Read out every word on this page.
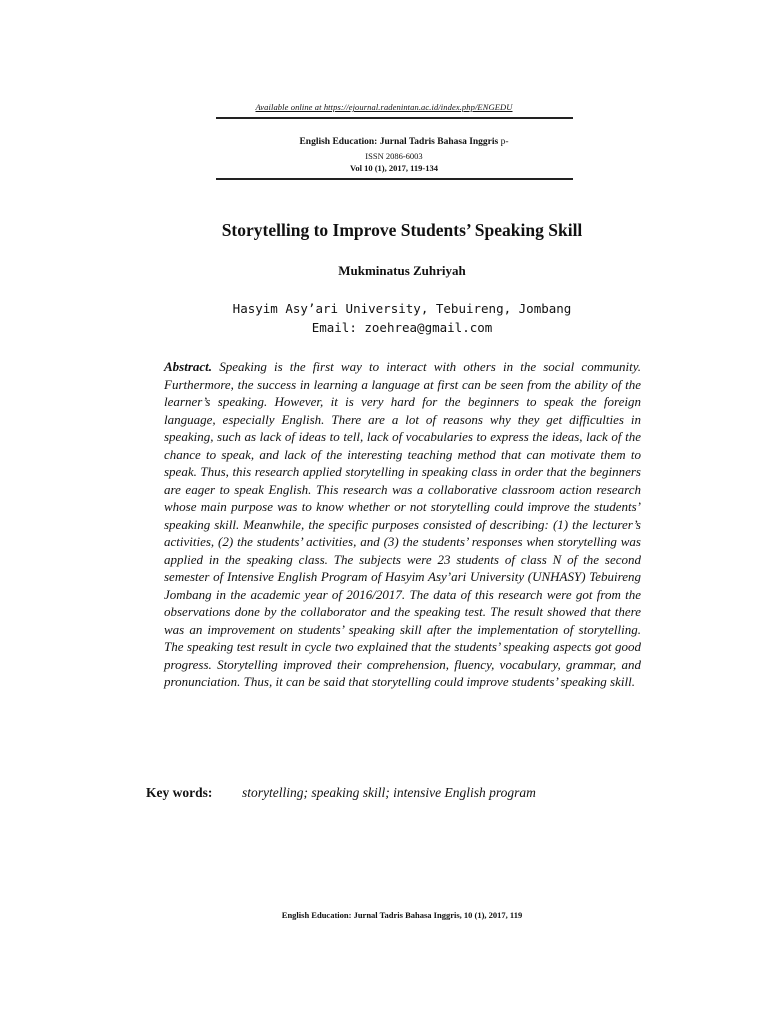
Available online at https://ejournal.radenintan.ac.id/index.php/ENGEDU
English Education: Jurnal Tadris Bahasa Inggris p-
ISSN 2086-6003
Vol 10 (1), 2017, 119-134
Storytelling to Improve Students’ Speaking Skill
Mukminatus Zuhriyah
Hasyim Asy’ari University, Tebuireng, Jombang
Email: zoehrea@gmail.com
Abstract. Speaking is the first way to interact with others in the social community. Furthermore, the success in learning a language at first can be seen from the ability of the learner’s speaking. However, it is very hard for the beginners to speak the foreign language, especially English. There are a lot of reasons why they get difficulties in speaking, such as lack of ideas to tell, lack of vocabularies to express the ideas, lack of the chance to speak, and lack of the interesting teaching method that can motivate them to speak. Thus, this research applied storytelling in speaking class in order that the beginners are eager to speak English. This research was a collaborative classroom action research whose main purpose was to know whether or not storytelling could improve the students’ speaking skill. Meanwhile, the specific purposes consisted of describing: (1) the lecturer’s activities, (2) the students’ activities, and (3) the students’ responses when storytelling was applied in the speaking class. The subjects were 23 students of class N of the second semester of Intensive English Program of Hasyim Asy’ari University (UNHASY) Tebuireng Jombang in the academic year of 2016/2017. The data of this research were got from the observations done by the collaborator and the speaking test. The result showed that there was an improvement on students’ speaking skill after the implementation of storytelling. The speaking test result in cycle two explained that the students’ speaking aspects got good progress. Storytelling improved their comprehension, fluency, vocabulary, grammar, and pronunciation. Thus, it can be said that storytelling could improve students’ speaking skill.
Key words: storytelling; speaking skill; intensive English program
English Education: Jurnal Tadris Bahasa Inggris, 10 (1), 2017, 119
